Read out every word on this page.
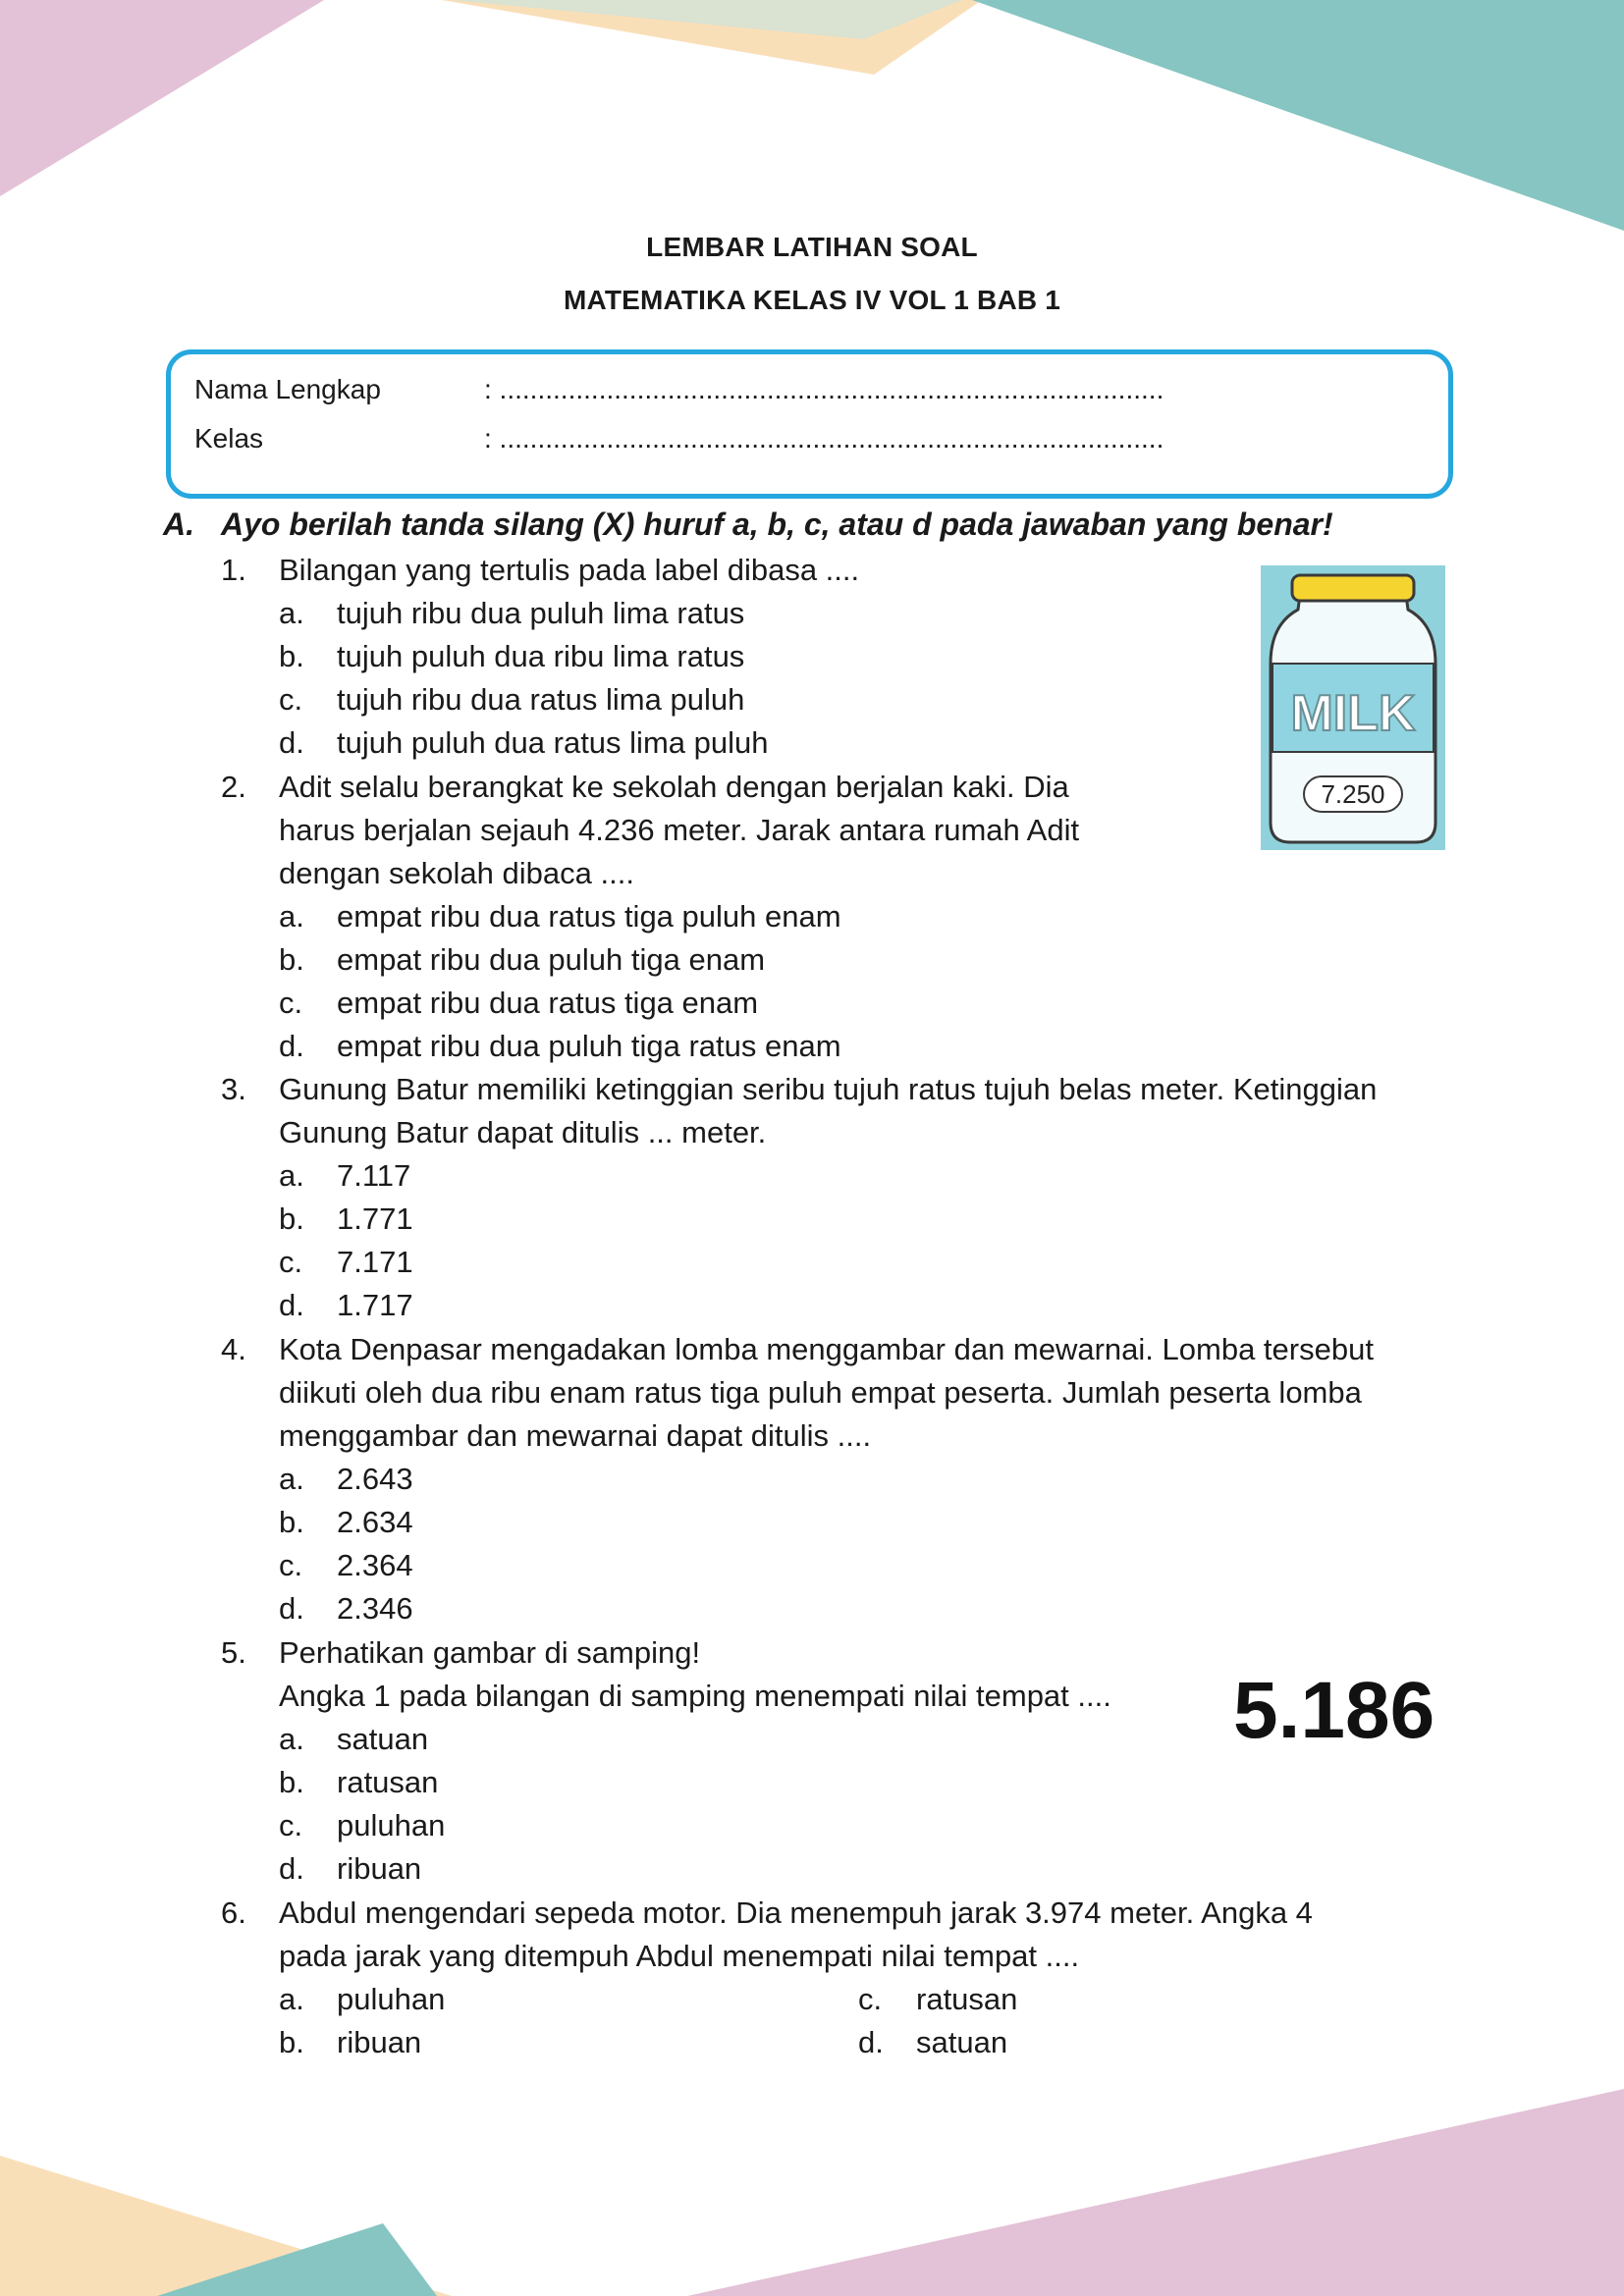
LEMBAR LATIHAN SOAL
MATEMATIKA KELAS IV VOL 1 BAB 1
Nama Lengkap	: .......................................................................................
Kelas	: .......................................................................................
A. Ayo berilah tanda silang (X) huruf a, b, c, atau d pada jawaban yang benar!
1. Bilangan yang tertulis pada label dibasa ....
a. tujuh ribu dua puluh lima ratus
b. tujuh puluh dua ribu lima ratus
c. tujuh ribu dua ratus lima puluh
d. tujuh puluh dua ratus lima puluh
MILK
7.250
2. Adit selalu berangkat ke sekolah dengan berjalan kaki. Dia
harus berjalan sejauh 4.236 meter. Jarak antara rumah Adit
dengan sekolah dibaca ....
a. empat ribu dua ratus tiga puluh enam
b. empat ribu dua puluh tiga enam
c. empat ribu dua ratus tiga enam
d. empat ribu dua puluh tiga ratus enam
3. Gunung Batur memiliki ketinggian seribu tujuh ratus tujuh belas meter. Ketinggian
Gunung Batur dapat ditulis ... meter.
a. 7.117
b. 1.771
c. 7.171
d. 1.717
4. Kota Denpasar mengadakan lomba menggambar dan mewarnai. Lomba tersebut
diikuti oleh dua ribu enam ratus tiga puluh empat peserta. Jumlah peserta lomba
menggambar dan mewarnai dapat ditulis ....
a. 2.643
b. 2.634
c. 2.364
d. 2.346
5. Perhatikan gambar di samping!
Angka 1 pada bilangan di samping menempati nilai tempat ....
a. satuan
b. ratusan
c. puluhan
d. ribuan
5.186
6. Abdul mengendari sepeda motor. Dia menempuh jarak 3.974 meter. Angka 4
pada jarak yang ditempuh Abdul menempati nilai tempat ....
a. puluhan
b. ribuan
c. ratusan
d. satuan
